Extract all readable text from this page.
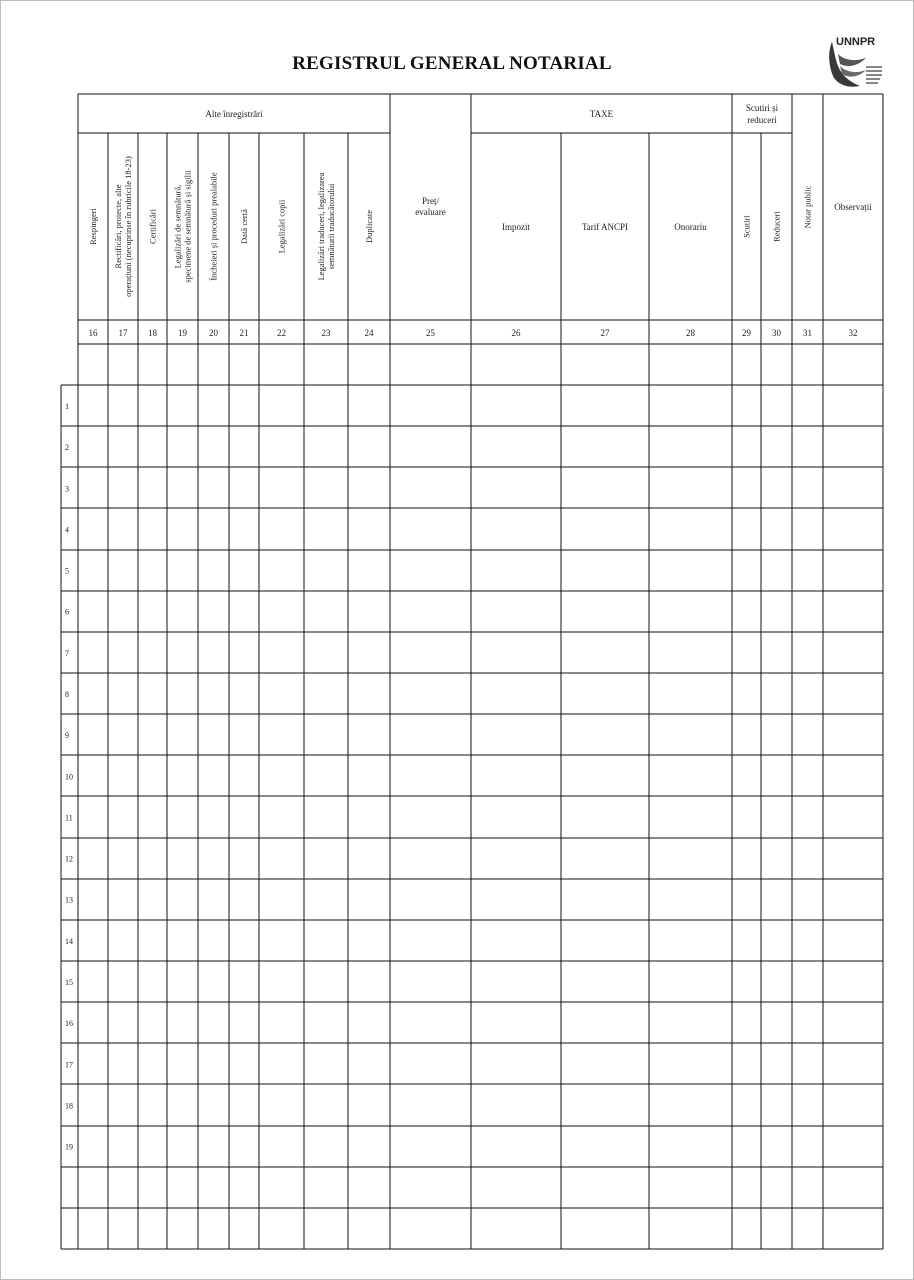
REGISTRUL GENERAL NOTARIAL
UNNPR
Alte înregistrări	TAXE
Scutiri și
reduceri
Respingeri
16
Rectificări, proiecte, alte operațiuni (necuprinse în rubricile 18-23)
17
Certificări
18
Legalizări de semnătură, specimene de semnătură și sigilii
19
Încheieri și proceduri prealabile
20
Dată certă
21
Legalizări copii
22
Legalizări traduceri, legalizarea semnăturii traducătorului
23
Duplicate
24
Preț/
evaluare
25
Impozit
26
Tarif ANCPI
27
Onorariu
28
Scutiri
29
Reduceri
30
Notar public
31
Observații
32
1
2
3
4
5
6
7
8
9
10
11
12
13
14
15
16
17
18
19
